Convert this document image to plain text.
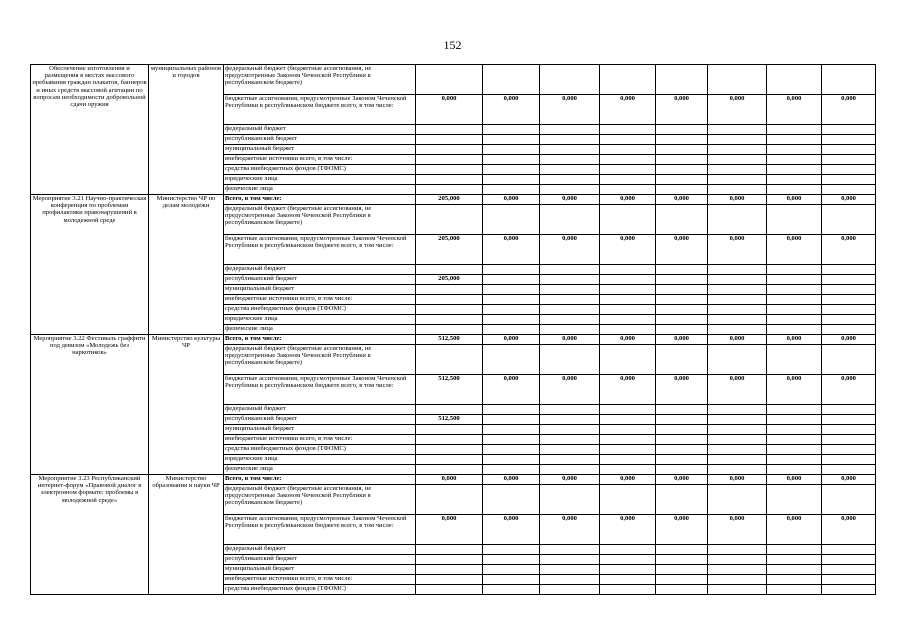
152
Обеспечение изготовления и размещения в местах массового пребывания граждан плакатов, баннеров и иных средств массовой агитации по вопросам необходимости добровольной сдачи оружия	муниципальных районов и городов	федеральный бюджет (бюджетные ассигнования, не предусмотренные Законом Чеченской Республики в республиканском бюджете)								
		бюджетные ассигнования, предусмотренные Законом Чеченской Республики в республиканском бюджете всего, в том числе:	0,000	0,000	0,000	0,000	0,000	0,000	0,000	0,000
		федеральный бюджет								
		республиканский бюджет								
		муниципальный бюджет								
		внебюджетные источники всего, в том числе:								
		средства внебюджетных фондов (ТФОМС)								
		юридические лица								
		физические лица								
Мероприятие 3.21 Научно-практическая конференция по проблемам профилактики правонарушений в молодежной среде	Министерство ЧР по делам молодежи	Всего, в том числе:	205,000	0,000	0,000	0,000	0,000	0,000	0,000	0,000
		федеральный бюджет (бюджетные ассигнования, не предусмотренные Законом Чеченской Республики в республиканском бюджете)								
		бюджетные ассигнования, предусмотренные Законом Чеченской Республики в республиканском бюджете всего, в том числе:	205,000	0,000	0,000	0,000	0,000	0,000	0,000	0,000
		федеральный бюджет								
		республиканский бюджет	205,000							
		муниципальный бюджет								
		внебюджетные источники всего, в том числе:								
		средства внебюджетных фондов (ТФОМС)								
		юридические лица								
		физические лица								
Мероприятие 3.22 Фестиваль граффити под девизом «Молодежь без наркотиков»	Министерство культуры ЧР	Всего, в том числе:	512,500	0,000	0,000	0,000	0,000	0,000	0,000	0,000
		федеральный бюджет (бюджетные ассигнования, не предусмотренные Законом Чеченской Республики в республиканском бюджете)								
		бюджетные ассигнования, предусмотренные Законом Чеченской Республики в республиканском бюджете всего, в том числе:	512,500	0,000	0,000	0,000	0,000	0,000	0,000	0,000
		федеральный бюджет								
		республиканский бюджет	512,500							
		муниципальный бюджет								
		внебюджетные источники всего, в том числе:								
		средства внебюджетных фондов (ТФОМС)								
		юридические лица								
		физические лица								
Мероприятие 3.23 Республиканский интернет-форум «Правовой диалог в электронном формате: проблемы в молодежной среде»	Министерство образования и науки ЧР	Всего, в том числе:	0,000	0,000	0,000	0,000	0,000	0,000	0,000	0,000
		федеральный бюджет (бюджетные ассигнования, не предусмотренные Законом Чеченской Республики в республиканском бюджете)								
		бюджетные ассигнования, предусмотренные Законом Чеченской Республики в республиканском бюджете всего, в том числе:	0,000	0,000	0,000	0,000	0,000	0,000	0,000	0,000
		федеральный бюджет								
		республиканский бюджет								
		муниципальный бюджет								
		внебюджетные источники всего, в том числе:								
		средства внебюджетных фондов (ТФОМС)								
